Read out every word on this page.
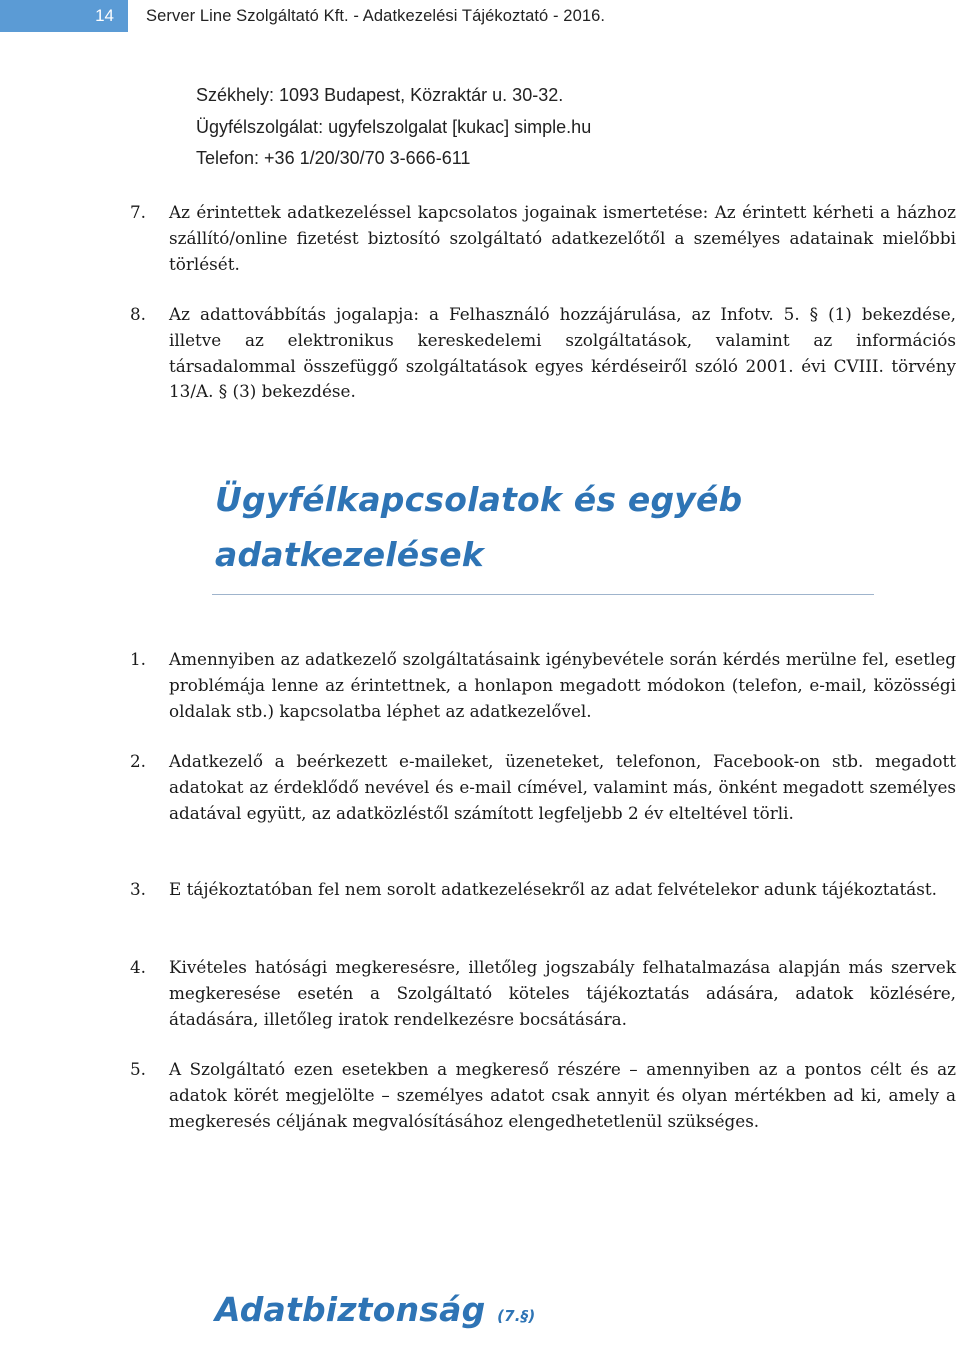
14	Server Line Szolgáltató Kft. - Adatkezelési Tájékoztató - 2016.
Székhely: 1093 Budapest, Közraktár u. 30-32.
Ügyfélszolgálat: ugyfelszolgalat [kukac] simple.hu
Telefon: +36 1/20/30/70 3-666-611
7.	Az érintettek adatkezeléssel kapcsolatos jogainak ismertetése: Az érintett kérheti a házhoz szállító/online fizetést biztosító szolgáltató adatkezelőtől a személyes adatainak mielőbbi törlését.
8.	Az adattovábbítás jogalapja: a Felhasználó hozzájárulása, az Infotv. 5. § (1) bekezdése, illetve az elektronikus kereskedelemi szolgáltatások, valamint az információs társadalommal összefüggő szolgáltatások egyes kérdéseiről szóló 2001. évi CVIII. törvény 13/A. § (3) bekezdése.
Ügyfélkapcsolatok és egyéb
adatkezelések
1.	Amennyiben az adatkezelő szolgáltatásaink igénybevétele során kérdés merülne fel, esetleg problémája lenne az érintettnek, a honlapon megadott módokon (telefon, e-mail, közösségi oldalak stb.) kapcsolatba léphet az adatkezelővel.
2.	Adatkezelő a beérkezett e-maileket, üzeneteket, telefonon, Facebook-on stb. megadott adatokat az érdeklődő nevével és e-mail címével, valamint más, önként megadott személyes adatával együtt, az adatközléstől számított legfeljebb 2 év elteltével törli.
3.	E tájékoztatóban fel nem sorolt adatkezelésekről az adat felvételekor adunk tájékoztatást.
4.	Kivételes hatósági megkeresésre, illetőleg jogszabály felhatalmazása alapján más szervek megkeresése esetén a Szolgáltató köteles tájékoztatás adására, adatok közlésére, átadására, illetőleg iratok rendelkezésre bocsátására.
5.	A Szolgáltató ezen esetekben a megkereső részére – amennyiben az a pontos célt és az adatok körét megjelölte – személyes adatot csak annyit és olyan mértékben ad ki, amely a megkeresés céljának megvalósításához elengedhetetlenül szükséges.
Adatbiztonság (7.§)
